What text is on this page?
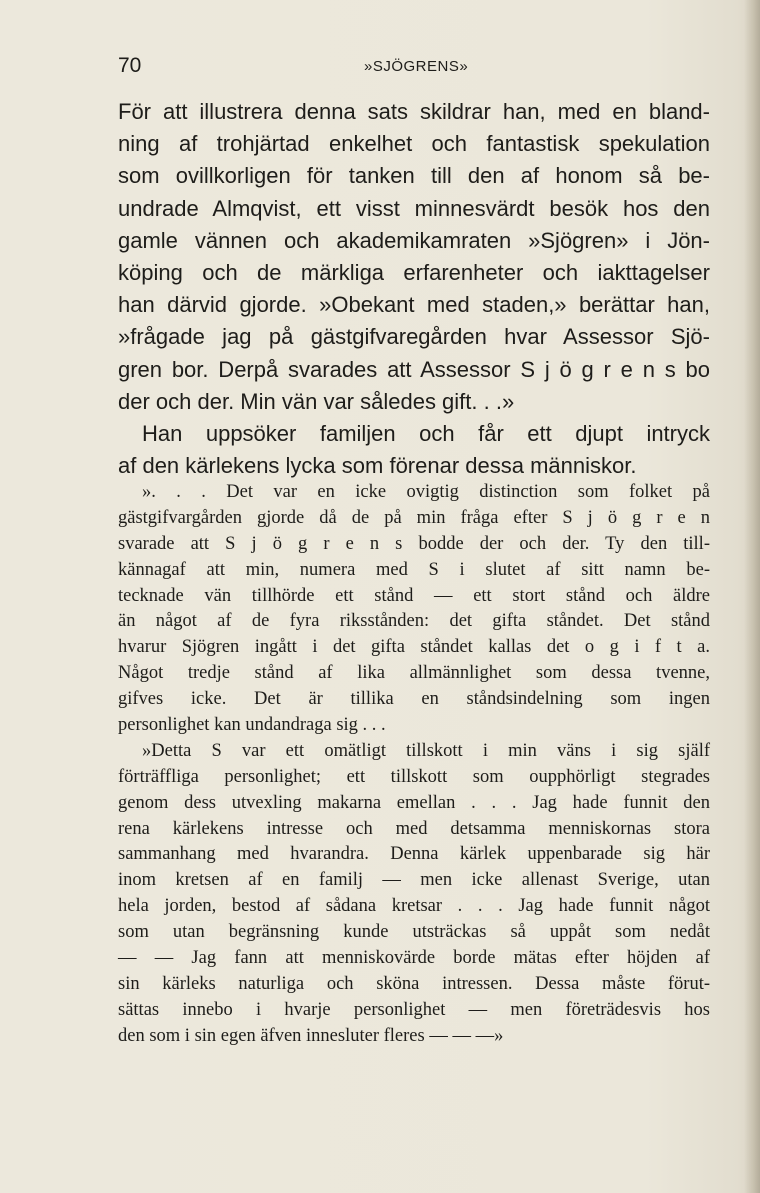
70	»SJÖGRENS»
För att illustrera denna sats skildrar han, med en bland-
ning af trohjärtad enkelhet och fantastisk spekulation
som ovillkorligen för tanken till den af honom så be-
undrade Almqvist, ett visst minnesvärdt besök hos den
gamle vännen och akademikamraten »Sjögren» i Jön-
köping och de märkliga erfarenheter och iakttagelser
han därvid gjorde. »Obekant med staden,» berättar han,
»frågade jag på gästgifvaregården hvar Assessor Sjö-
gren bor. Derpå svarades att Assessor S j ö g r e n s bo
der och der. Min vän var således gift. . .»
Han uppsöker familjen och får ett djupt intryck
af den kärlekens lycka som förenar dessa människor.
». . . Det var en icke ovigtig distinction som folket på
gästgifvargården gjorde då de på min fråga efter S j ö g r e n
svarade att S j ö g r e n s bodde der och der. Ty den till-
kännagaf att min, numera med S i slutet af sitt namn be-
tecknade vän tillhörde ett stånd — ett stort stånd och äldre
än något af de fyra riksstånden: det gifta ståndet. Det stånd
hvarur Sjögren ingått i det gifta ståndet kallas det o g i f t a.
Något tredje stånd af lika allmännlighet som dessa tvenne,
gifves icke. Det är tillika en ståndsindelning som ingen
personlighet kan undandraga sig . . .
»Detta S var ett omätligt tillskott i min väns i sig själf
förträffliga personlighet; ett tillskott som oupphörligt stegrades
genom dess utvexling makarna emellan . . . Jag hade funnit den
rena kärlekens intresse och med detsamma menniskornas stora
sammanhang med hvarandra. Denna kärlek uppenbarade sig här
inom kretsen af en familj — men icke allenast Sverige, utan
hela jorden, bestod af sådana kretsar . . . Jag hade funnit något
som utan begränsning kunde utsträckas så uppåt som nedåt
— — Jag fann att menniskovärde borde mätas efter höjden af
sin kärleks naturliga och sköna intressen. Dessa måste förut-
sättas innebo i hvarje personlighet — men företrädesvis hos
den som i sin egen äfven innesluter fleres — — —»
